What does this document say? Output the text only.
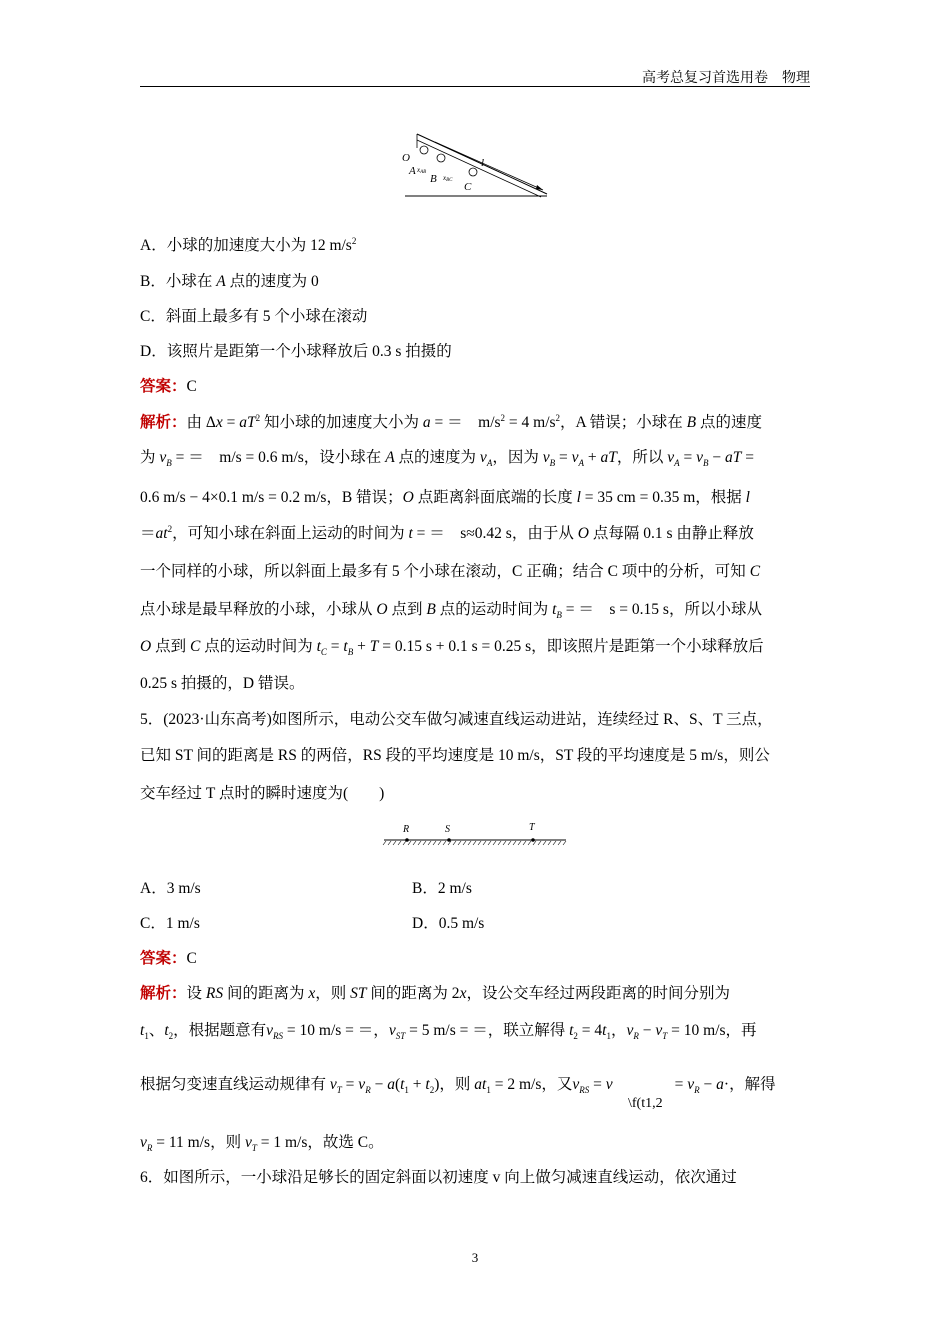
高考总复习首选用卷　物理
O
A xAB
B xBC
C
l
A．小球的加速度大小为 12 $m/s^2$
B．小球在 A 点的速度为 0
C．斜面上最多有 5 个小球在滚动
D．该照片是距第一个小球释放后 0.3 s 拍摄的
答案：C
解析：由 $\Delta x = aT^2$ 知小球的加速度大小为 a = ＝　$m/s^2 = 4$ $m/s^2$，A 错误；小球在 B 点的速度
为 $v_B$ = ＝　m/s = 0.6 m/s，设小球在 A 点的速度为 $v_A$，因为 $v_B = v_A$ + aT，所以 $v_A = v_B$ − aT =
0.6 m/s − 4×0.1 m/s = 0.2 m/s，B 错误；O 点距离斜面底端的长度 l = 35 cm = 0.35 m，根据 l
$=at^2$，可知小球在斜面上运动的时间为 t = ＝　s≈0.42 s，由于从 O 点每隔 0.1 s 由静止释放
一个同样的小球，所以斜面上最多有 5 个小球在滚动，C 正确；结合 C 项中的分析，可知 C
点小球是最早释放的小球，小球从 O 点到 B 点的运动时间为 $t_B$ = ＝　s = 0.15 s，所以小球从
O 点到 C 点的运动时间为 $t_C = t_B + T = 0.15$ s + 0.1 s = 0.25 s，即该照片是距第一个小球释放后
0.25 s 拍摄的，D 错误。
5．(2023·山东高考)如图所示，电动公交车做匀减速直线运动进站，连续经过 R、S、T 三点，
已知 ST 间的距离是 RS 的两倍，RS 段的平均速度是 10 m/s，ST 段的平均速度是 5 m/s，则公
交车经过 T 点时的瞬时速度为(　　)
R	S	T
A．3 m/s	B．2 m/s
C．1 m/s	D．0.5 m/s
答案：C
解析：设 RS 间的距离为 x，则 ST 间的距离为 2x，设公交车经过两段距离的时间分别为
$t_1$、$t_2$，根据题意有$v_{RS} = 10$ m/s = ＝，$v_{ST} = 5$ m/s = ＝，联立解得 $t_2 = 4t_1$，$v_R - v_T = 10$ m/s，再
根据匀变速直线运动规律有 $v_T = v_R - a(t_1 + t_2)$，则 $at_1 = 2$ m/s，又$v_{RS} = v$　　　　= $v_R - a\cdot$，解得
\f(t1,2
$v_R = 11$ m/s，则 $v_T = 1$ m/s，故选 C。
6．如图所示，一小球沿足够长的固定斜面以初速度 v 向上做匀减速直线运动，依次通过
3
